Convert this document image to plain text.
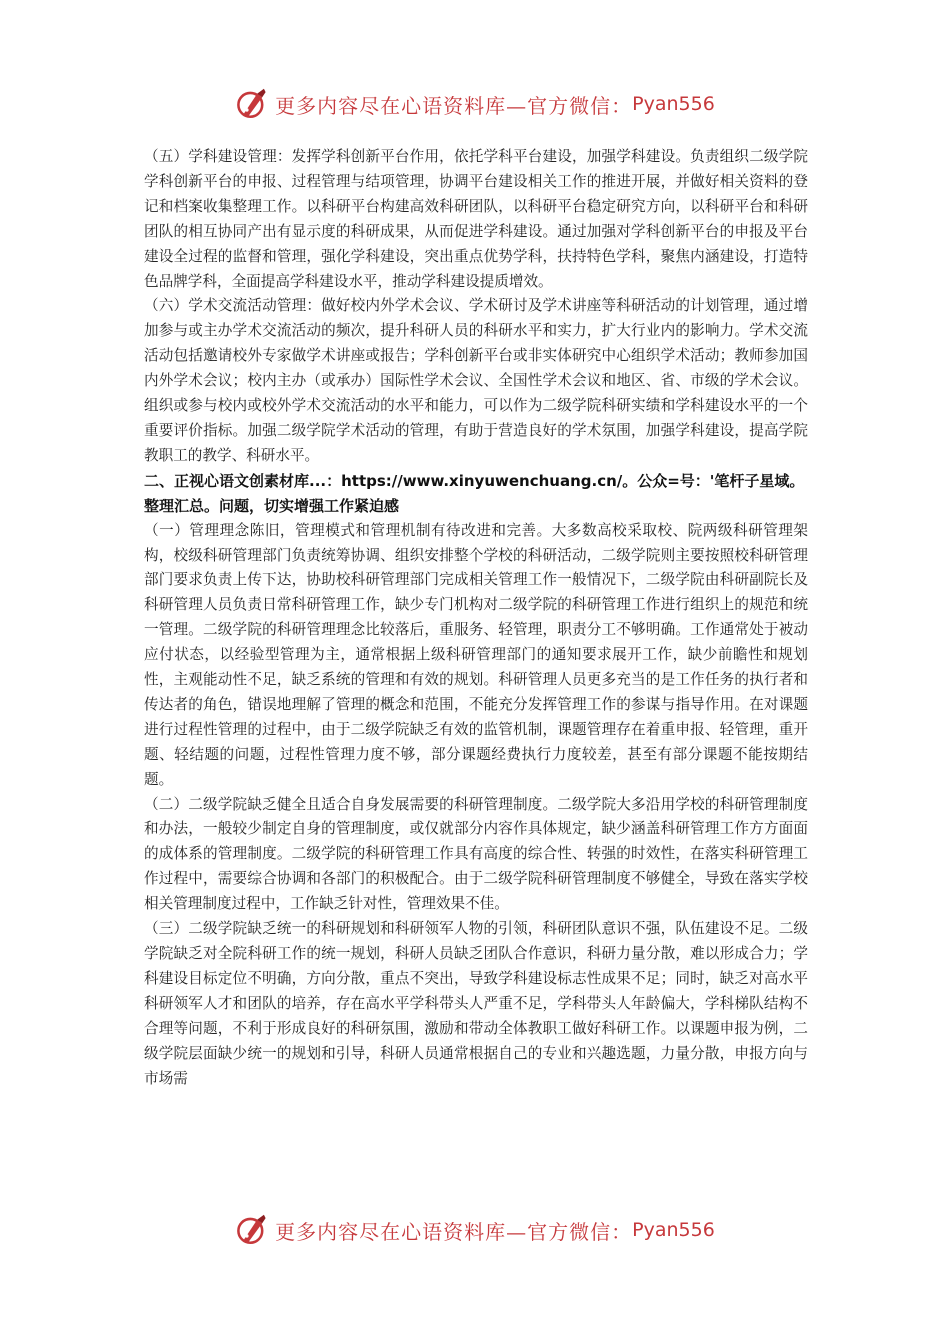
更多内容尽在心语资料库—官方微信： Pyan556

（五）学科建设管理：发挥学科创新平台作用，依托学科平台建设，加强学科建设。负责组织二级学院学科创新平台的申报、过程管理与结项管理，协调平台建设相关工作的推进开展，并做好相关资料的登记和档案收集整理工作。以科研平台构建高效科研团队，以科研平台稳定研究方向，以科研平台和科研团队的相互协同产出有显示度的科研成果，从而促进学科建设。通过加强对学科创新平台的申报及平台建设全过程的监督和管理，强化学科建设，突出重点优势学科，扶持特色学科，聚焦内涵建设，打造特色品牌学科，全面提高学科建设水平，推动学科建设提质增效。

（六）学术交流活动管理：做好校内外学术会议、学术研讨及学术讲座等科研活动的计划管理，通过增加参与或主办学术交流活动的频次，提升科研人员的科研水平和实力，扩大行业内的影响力。学术交流活动包括邀请校外专家做学术讲座或报告；学科创新平台或非实体研究中心组织学术活动；教师参加国内外学术会议；校内主办（或承办）国际性学术会议、全国性学术会议和地区、省、市级的学术会议。组织或参与校内或校外学术交流活动的水平和能力，可以作为二级学院科研实绩和学科建设水平的一个重要评价指标。加强二级学院学术活动的管理，有助于营造良好的学术氛围，加强学科建设，提高学院教职工的教学、科研水平。

二、正视心语文创素材库...：https://www.xinyuwenchuang.cn/。公众=号：'笔杆子星域。整理汇总。问题，切实增强工作紧迫感

（一）管理理念陈旧，管理模式和管理机制有待改进和完善。大多数高校采取校、院两级科研管理架构，校级科研管理部门负责统筹协调、组织安排整个学校的科研活动，二级学院则主要按照校科研管理部门要求负责上传下达，协助校科研管理部门完成相关管理工作一般情况下，二级学院由科研副院长及科研管理人员负责日常科研管理工作，缺少专门机构对二级学院的科研管理工作进行组织上的规范和统一管理。二级学院的科研管理理念比较落后，重服务、轻管理，职责分工不够明确。工作通常处于被动应付状态，以经验型管理为主，通常根据上级科研管理部门的通知要求展开工作，缺少前瞻性和规划性，主观能动性不足，缺乏系统的管理和有效的规划。科研管理人员更多充当的是工作任务的执行者和传达者的角色，错误地理解了管理的概念和范围，不能充分发挥管理工作的参谋与指导作用。在对课题进行过程性管理的过程中，由于二级学院缺乏有效的监管机制，课题管理存在着重申报、轻管理，重开题、轻结题的问题，过程性管理力度不够，部分课题经费执行力度较差，甚至有部分课题不能按期结题。

（二）二级学院缺乏健全且适合自身发展需要的科研管理制度。二级学院大多沿用学校的科研管理制度和办法，一般较少制定自身的管理制度，或仅就部分内容作具体规定，缺少涵盖科研管理工作方方面面的成体系的管理制度。二级学院的科研管理工作具有高度的综合性、转强的时效性，在落实科研管理工作过程中，需要综合协调和各部门的积极配合。由于二级学院科研管理制度不够健全，导致在落实学校相关管理制度过程中，工作缺乏针对性，管理效果不佳。

（三）二级学院缺乏统一的科研规划和科研领军人物的引领，科研团队意识不强，队伍建设不足。二级学院缺乏对全院科研工作的统一规划，科研人员缺乏团队合作意识，科研力量分散，难以形成合力；学科建设目标定位不明确，方向分散，重点不突出，导致学科建设标志性成果不足；同时，缺乏对高水平科研领军人才和团队的培养，存在高水平学科带头人严重不足，学科带头人年龄偏大，学科梯队结构不合理等问题，不利于形成良好的科研氛围，激励和带动全体教职工做好科研工作。以课题申报为例，二级学院层面缺少统一的规划和引导，科研人员通常根据自己的专业和兴趣选题，力量分散，申报方向与市场需

更多内容尽在心语资料库—官方微信： Pyan556
